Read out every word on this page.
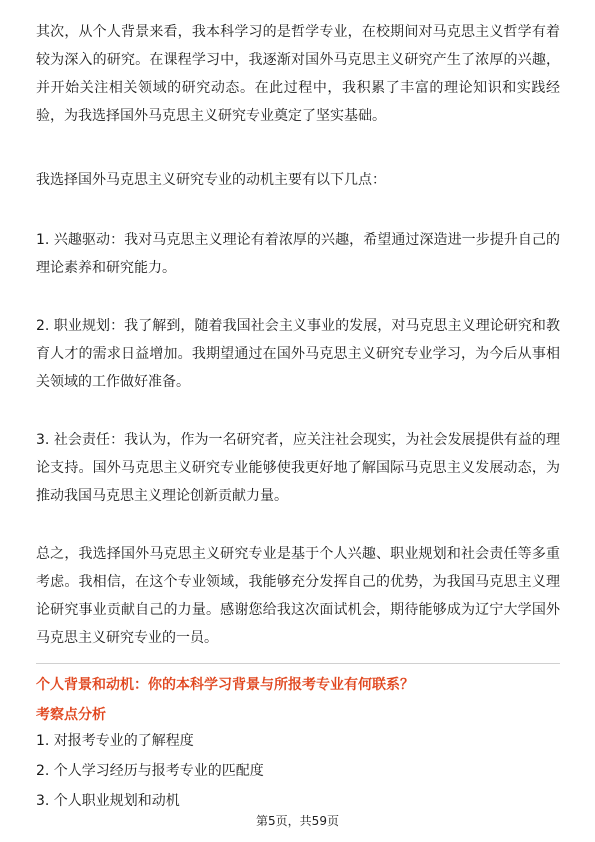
其次，从个人背景来看，我本科学习的是哲学专业，在校期间对马克思主义哲学有着较为深入的研究。在课程学习中，我逐渐对国外马克思主义研究产生了浓厚的兴趣，并开始关注相关领域的研究动态。在此过程中，我积累了丰富的理论知识和实践经验，为我选择国外马克思主义研究专业奠定了坚实基础。

我选择国外马克思主义研究专业的动机主要有以下几点：

1. 兴趣驱动：我对马克思主义理论有着浓厚的兴趣，希望通过深造进一步提升自己的理论素养和研究能力。

2. 职业规划：我了解到，随着我国社会主义事业的发展，对马克思主义理论研究和教育人才的需求日益增加。我期望通过在国外马克思主义研究专业学习，为今后从事相关领域的工作做好准备。

3. 社会责任：我认为，作为一名研究者，应关注社会现实，为社会发展提供有益的理论支持。国外马克思主义研究专业能够使我更好地了解国际马克思主义发展动态，为推动我国马克思主义理论创新贡献力量。

总之，我选择国外马克思主义研究专业是基于个人兴趣、职业规划和社会责任等多重考虑。我相信，在这个专业领域，我能够充分发挥自己的优势，为我国马克思主义理论研究事业贡献自己的力量。感谢您给我这次面试机会，期待能够成为辽宁大学国外马克思主义研究专业的一员。

个人背景和动机：你的本科学习背景与所报考专业有何联系？

考察点分析

1. 对报考专业的了解程度
2. 个人学习经历与报考专业的匹配度
3. 个人职业规划和动机
第5页，共59页
